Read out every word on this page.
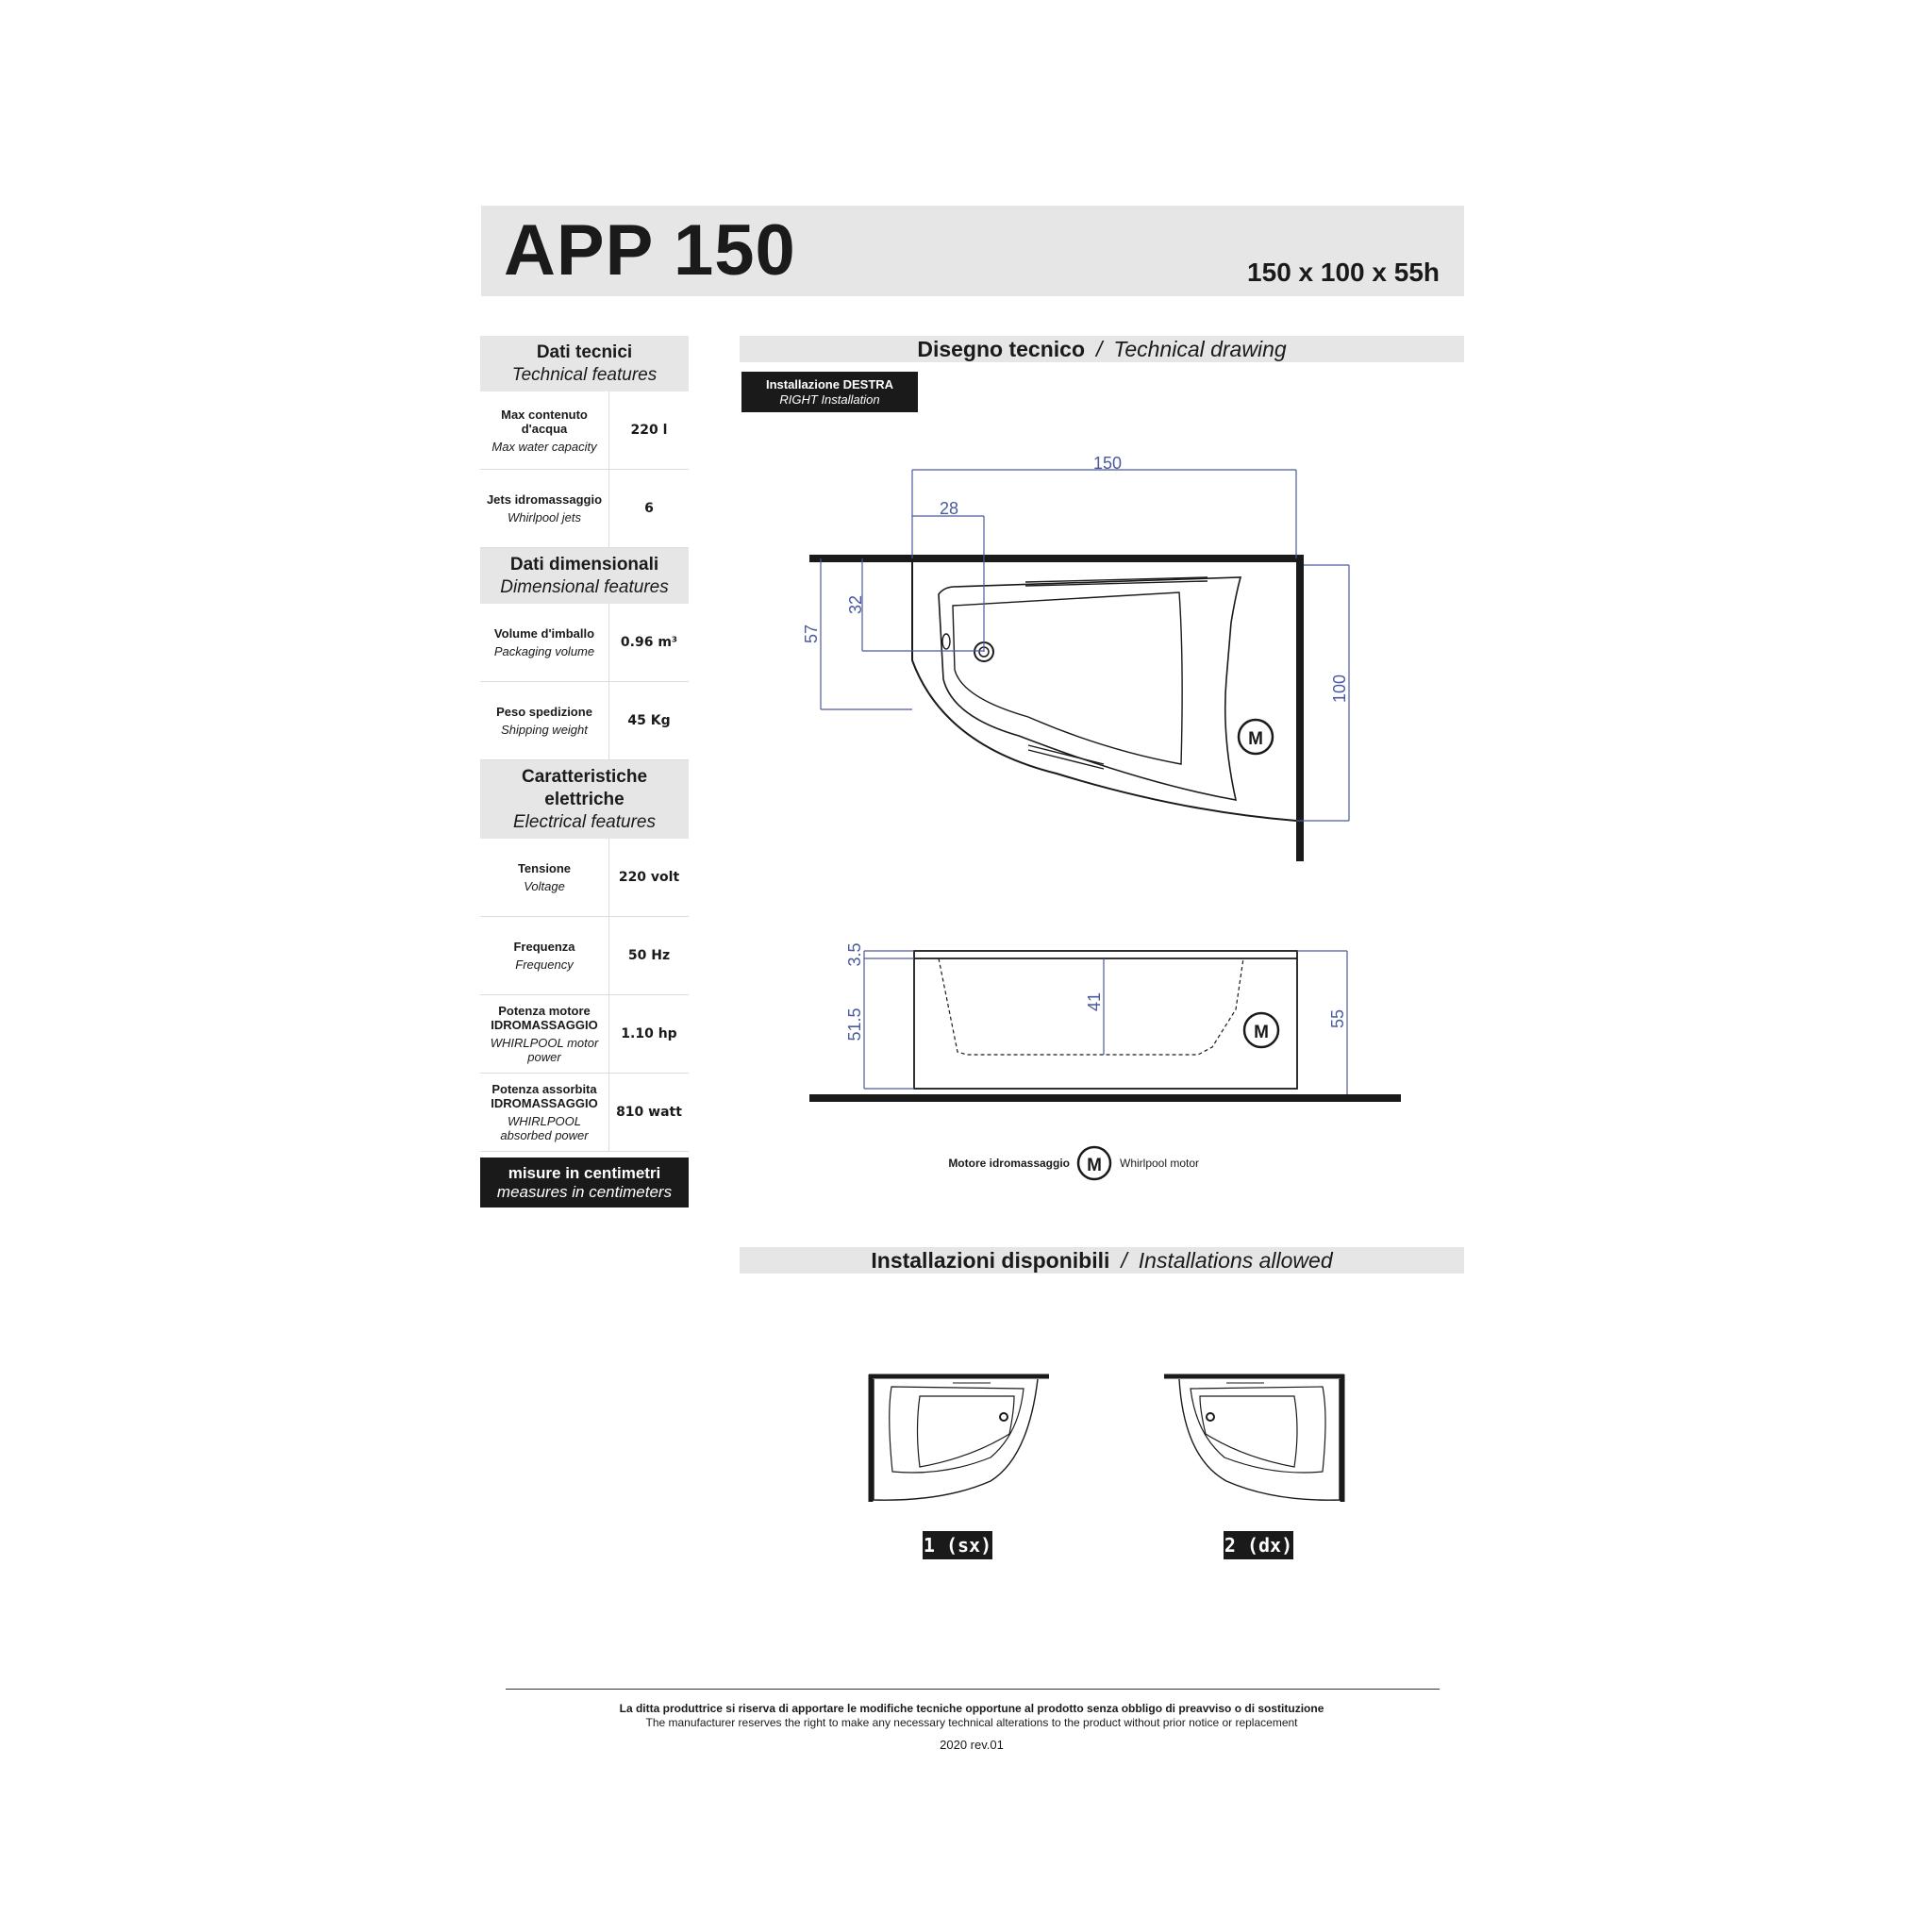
APP 150	150 x 100 x 55h
Dati tecnici
Technical features
Max contenuto d'acqua
Max water capacity
220 l
Jets idromassaggio
Whirlpool jets
6
Dati dimensionali
Dimensional features
Volume d'imballo
Packaging volume
0.96 m³
Peso spedizione
Shipping weight
45 Kg
Caratteristiche elettriche
Electrical features
Tensione
Voltage
220 volt
Frequenza
Frequency
50 Hz
Potenza motore IDROMASSAGGIO
WHIRLPOOL motor power
1.10 hp
Potenza assorbita IDROMASSAGGIO
WHIRLPOOL absorbed power
810 watt
misure in centimetri
measures in centimeters
Disegno tecnico / Technical drawing
Installazione DESTRA
RIGHT Installation
M
150
28
32
57
100
M
3.5
51.5
41
55
Motore idromassaggio M Whirlpool motor
Installazioni disponibili / Installations allowed
1 (sx)	2 (dx)
La ditta produttrice si riserva di apportare le modifiche tecniche opportune al prodotto senza obbligo di preavviso o di sostituzione
The manufacturer reserves the right to make any necessary technical alterations to the product without prior notice or replacement
2020 rev.01
